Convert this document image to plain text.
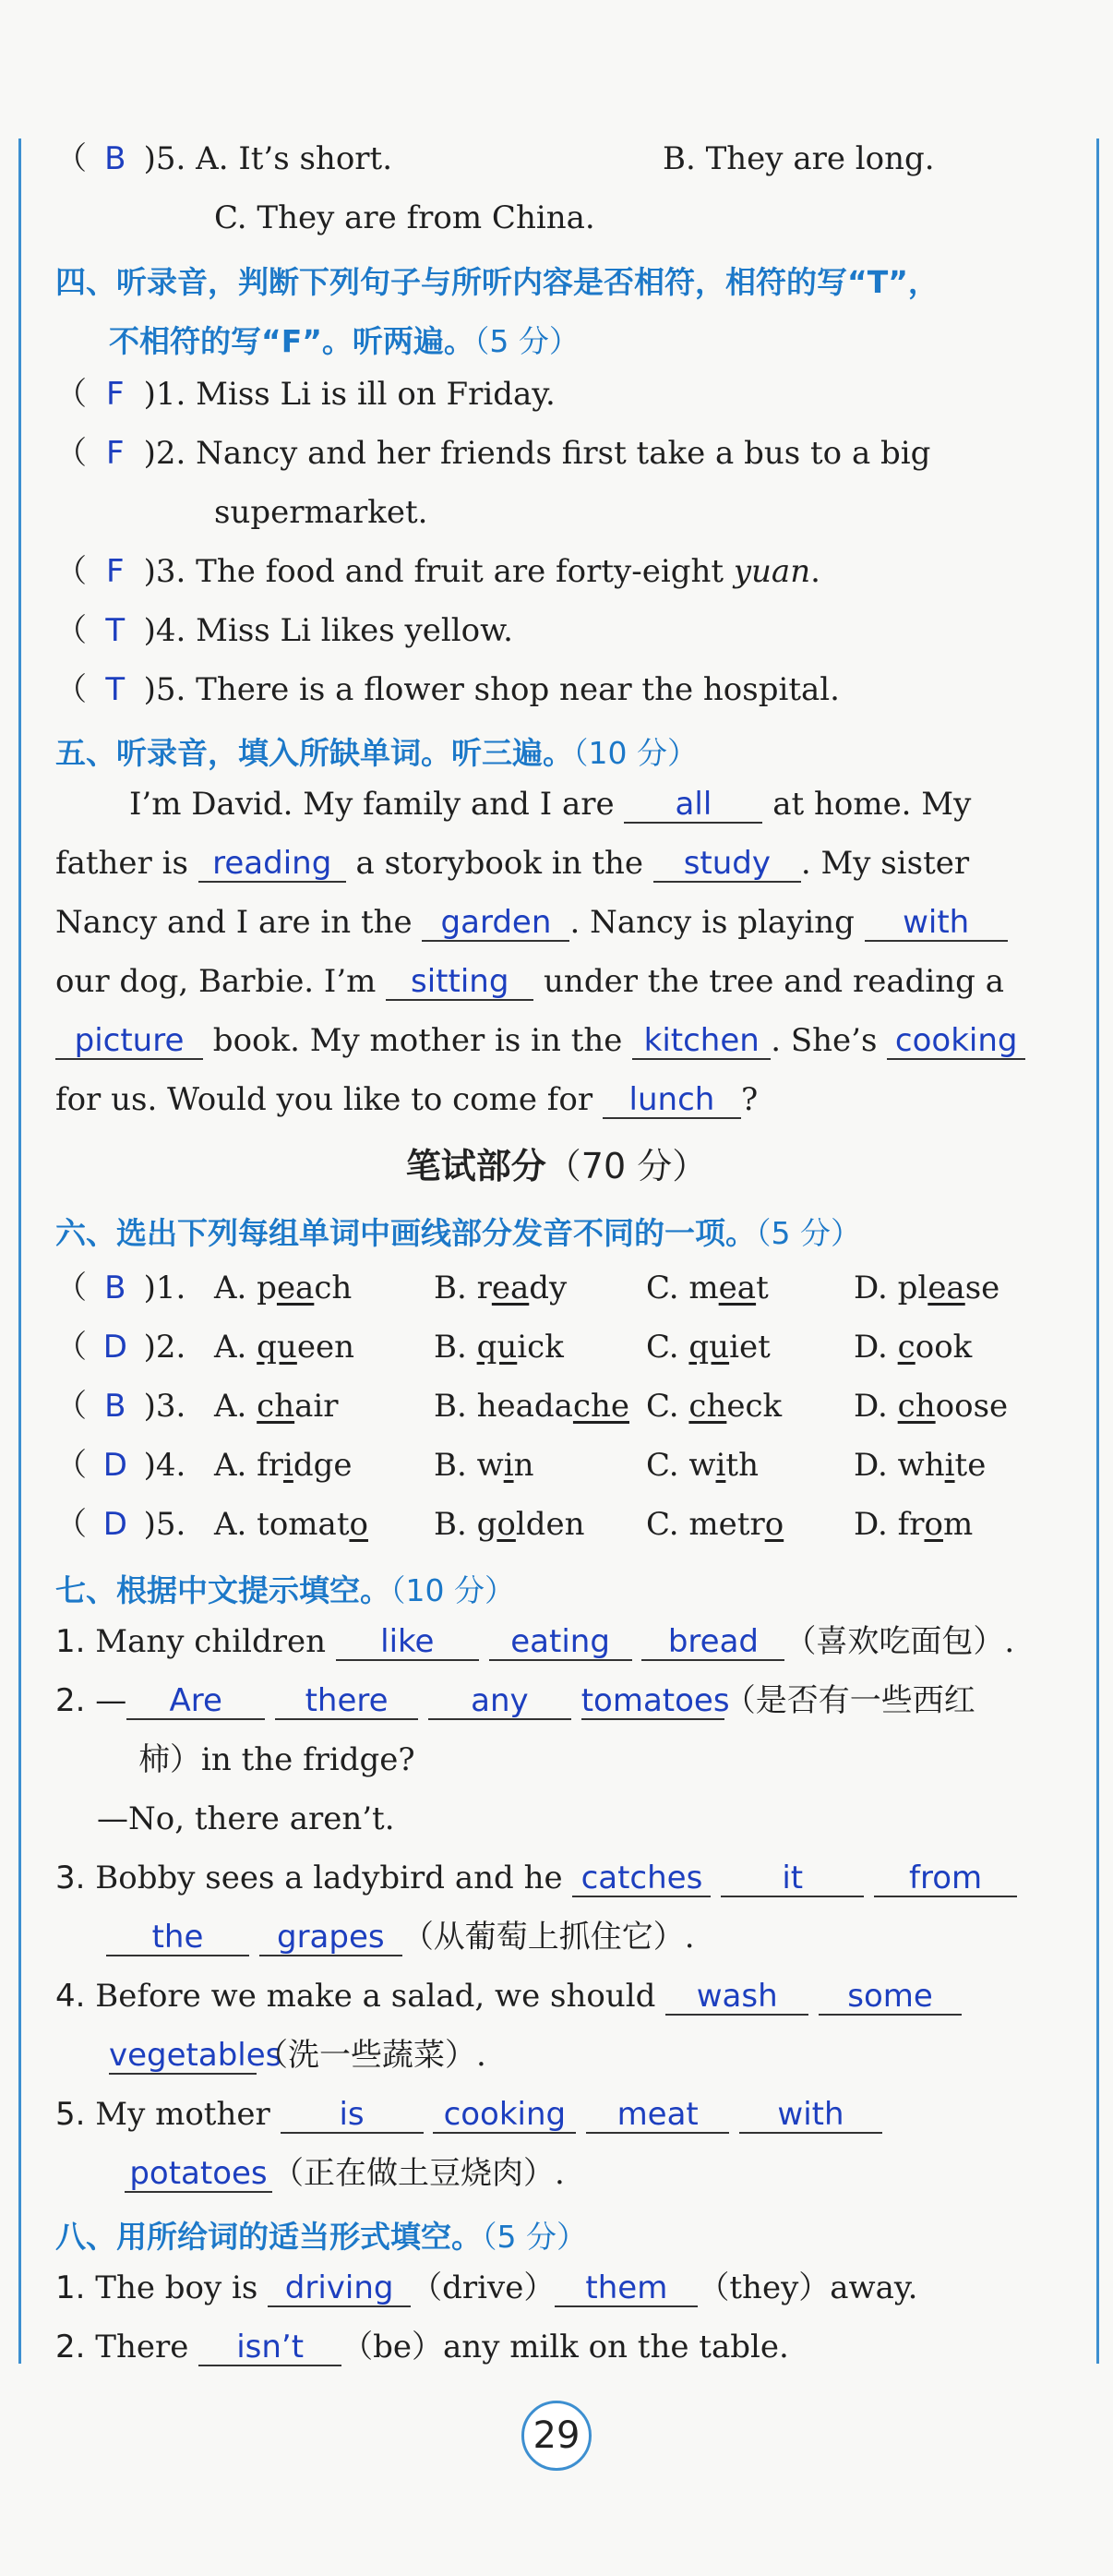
（ B )5. A. It’s short.	B. They are long.
C. They are from China.
四、听录音，判断下列句子与所听内容是否相符，相符的写“T”，
不相符的写“F”。听两遍。（5 分）
（ F )1. Miss Li is ill on Friday.
（ F )2. Nancy and her friends first take a bus to a big
supermarket.
（ F )3. The food and fruit are forty-eight yuan.
（ T )4. Miss Li likes yellow.
（ T )5. There is a flower shop near the hospital.
五、听录音，填入所缺单词。听三遍。（10 分）
I’m David. My family and I are all at home. My
father is reading a storybook in the study . My sister
Nancy and I are in the garden . Nancy is playing with
our dog, Barbie. I’m sitting under the tree and reading a
picture book. My mother is in the kitchen . She’s cooking
for us. Would you like to come for lunch ?
笔试部分（70 分）
六、选出下列每组单词中画线部分发音不同的一项。（5 分）
（ B )1. A. peach	B. ready	C. meat	D. please
（ D )2. A. queen	B. quick	C. quiet	D. cook
（ B )3. A. chair	B. headache C. check D. choose
（ D )4. A. fridge	B. win	C. with	D. white
（ D )5. A. tomato B. golden C. metro D. from
七、根据中文提示填空。（10 分）
1. Many children like eating bread （喜欢吃面包）.
2. — Are	there	any tomatoes（是否有一些西红
柿）in the fridge?
—No, there aren’t.
3. Bobby sees a ladybird and he catches	it	from
the grapes （从葡萄上抓住它）.
4. Before we make a salad, we should wash some
vegetables（洗一些蔬菜）.
5. My mother is	cooking meat	with
potatoes （正在做土豆烧肉）.
八、用所给词的适当形式填空。（5 分）
1. The boy is driving （drive） them （they）away.
2. There isn’t （be）any milk on the table.
29
